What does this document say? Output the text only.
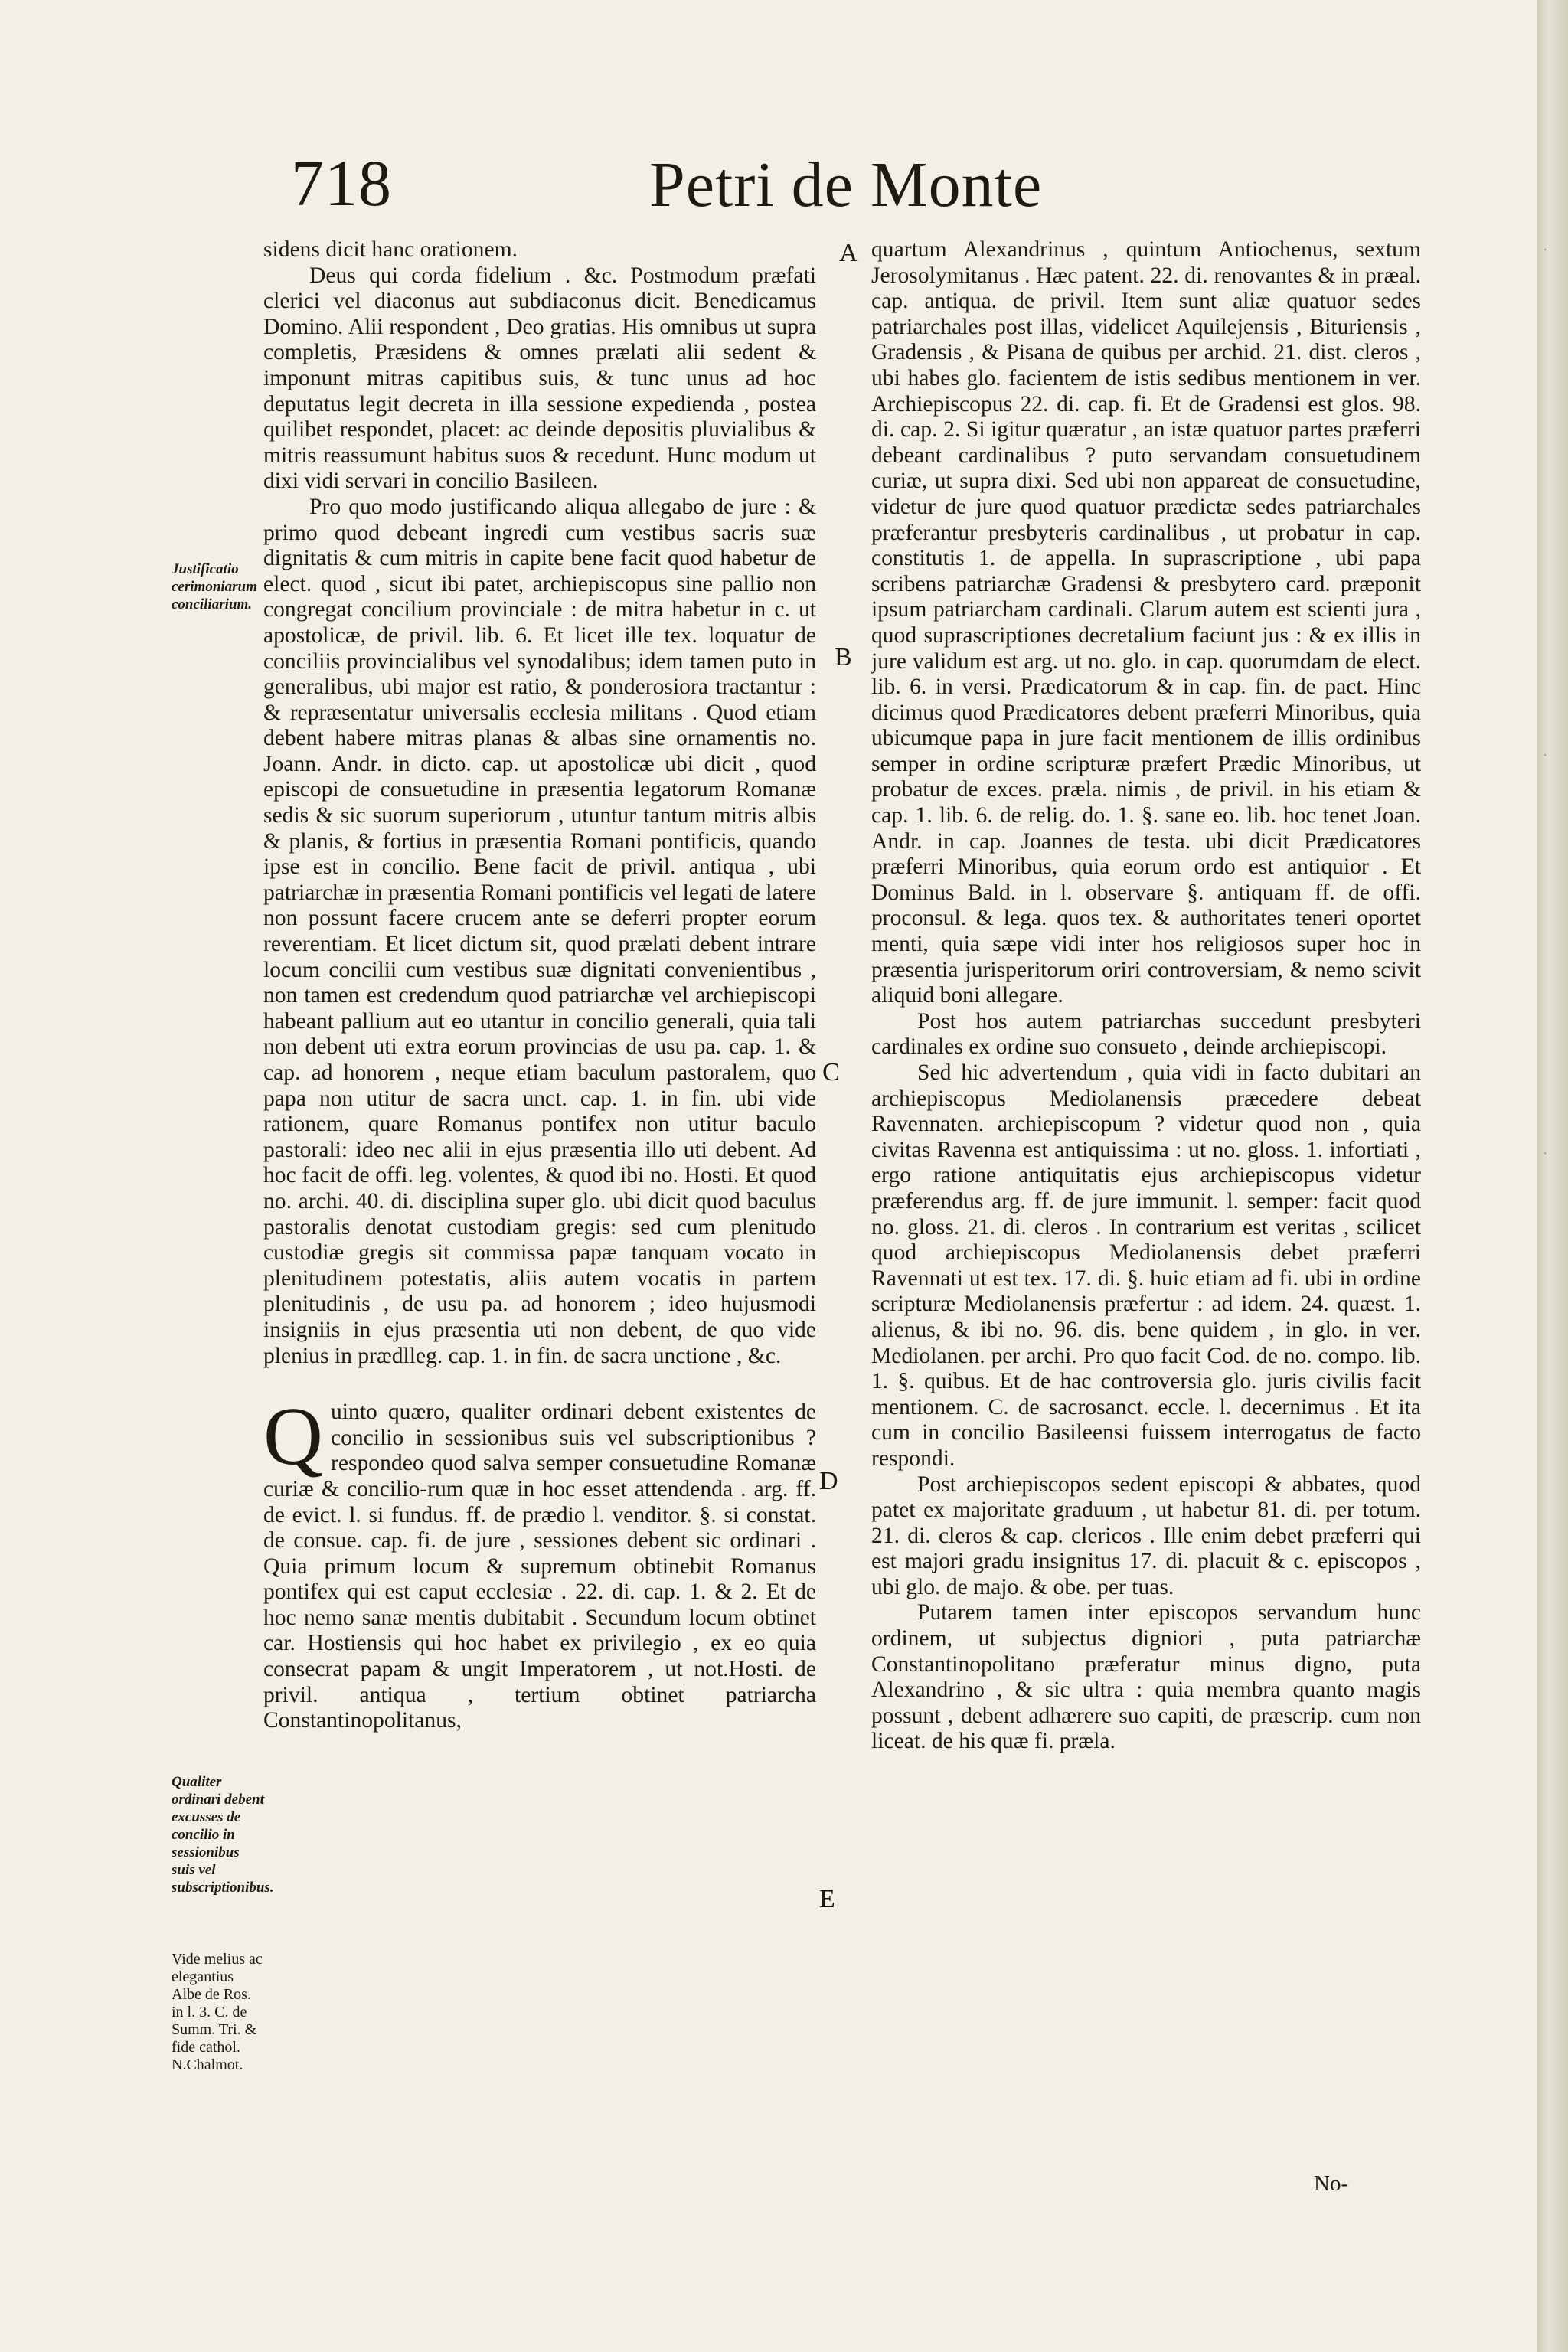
718	Petri de Monte
Justificatio cerimoniarum conciliarium.
Qualiter ordinari debent excusses de concilio in sessionibus suis vel subscriptionibus.
Vide melius ac elegantius Albe de Ros. in l. 3. C. de Summ. Tri. & fide cathol. N.Chalmot.
A
B
C
D
E

sidens dicit hanc orationem.

Deus qui corda fidelium . &c. Postmodum præfati clerici vel diaconus aut subdiaconus dicit. Benedicamus Domino. Alii respondent , Deo gratias. His omnibus ut supra completis, Præsidens & omnes prælati alii sedent & imponunt mitras capitibus suis, & tunc unus ad hoc deputatus legit decreta in illa sessione expedienda , postea quilibet respondet, placet: ac deinde depositis pluvialibus & mitris reassumunt habitus suos & recedunt. Hunc modum ut dixi vidi servari in concilio Basileen.

Pro quo modo justificando aliqua allegabo de jure : & primo quod debeant ingredi cum vestibus sacris suæ dignitatis & cum mitris in capite bene facit quod habetur de elect. quod , sicut ibi patet, archiepiscopus sine pallio non congregat concilium provinciale : de mitra habetur in c. ut apostolicæ, de privil. lib. 6. Et licet ille tex. loquatur de conciliis provincialibus vel synodalibus; idem tamen puto in generalibus, ubi major est ratio, & ponderosiora tractantur : & repræsentatur universalis ecclesia militans . Quod etiam debent habere mitras planas & albas sine ornamentis no. Joann. Andr. in dicto. cap. ut apostolicæ ubi dicit , quod episcopi de consuetudine in præsentia legatorum Romanæ sedis & sic suorum superiorum , utuntur tantum mitris albis & planis, & fortius in præsentia Romani pontificis, quando ipse est in concilio. Bene facit de privil. antiqua , ubi patriarchæ in præsentia Romani pontificis vel legati de latere non possunt facere crucem ante se deferri propter eorum reverentiam. Et licet dictum sit, quod prælati debent intrare locum concilii cum vestibus suæ dignitati convenientibus , non tamen est credendum quod patriarchæ vel archiepiscopi habeant pallium aut eo utantur in concilio generali, quia tali non debent uti extra eorum provincias de usu pa. cap. 1. & cap. ad honorem , neque etiam baculum pastoralem, quo papa non utitur de sacra unct. cap. 1. in fin. ubi vide rationem, quare Romanus pontifex non utitur baculo pastorali: ideo nec alii in ejus præsentia illo uti debent. Ad hoc facit de offi. leg. volentes, & quod ibi no. Hosti. Et quod no. archi. 40. di. disciplina super glo. ubi dicit quod baculus pastoralis denotat custodiam gregis: sed cum plenitudo custodiæ gregis sit commissa papæ tanquam vocato in plenitudinem potestatis, aliis autem vocatis in partem plenitudinis , de usu pa. ad honorem ; ideo hujusmodi insigniis in ejus præsentia uti non debent, de quo vide plenius in prædlleg. cap. 1. in fin. de sacra unctione , &c.

Quinto quæro, qualiter ordinari debent existentes de concilio in sessionibus suis vel subscriptionibus ? respondeo quod salva semper consuetudine Romanæ curiæ & concilio-rum quæ in hoc esset attendenda . arg. ff. de evict. l. si fundus. ff. de prædio l. venditor. §. si constat. de consue. cap. fi. de jure , sessiones debent sic ordinari . Quia primum locum & supremum obtinebit Romanus pontifex qui est caput ecclesiæ . 22. di. cap. 1. & 2. Et de hoc nemo sanæ mentis dubitabit . Secundum locum obtinet car. Hostiensis qui hoc habet ex privilegio , ex eo quia consecrat papam & ungit Imperatorem , ut not.Hosti. de privil. antiqua , tertium obtinet patriarcha Constantinopolitanus,

quartum Alexandrinus , quintum Antiochenus, sextum Jerosolymitanus . Hæc patent. 22. di. renovantes & in præal. cap. antiqua. de privil. Item sunt aliæ quatuor sedes patriarchales post illas, videlicet Aquilejensis , Bituriensis , Gradensis , & Pisana de quibus per archid. 21. dist. cleros , ubi habes glo. facientem de istis sedibus mentionem in ver. Archiepiscopus 22. di. cap. fi. Et de Gradensi est glos. 98. di. cap. 2. Si igitur quæratur , an istæ quatuor partes præferri debeant cardinalibus ? puto servandam consuetudinem curiæ, ut supra dixi. Sed ubi non appareat de consuetudine, videtur de jure quod quatuor prædictæ sedes patriarchales præferantur presbyteris cardinalibus , ut probatur in cap. constitutis 1. de appella. In suprascriptione , ubi papa scribens patriarchæ Gradensi & presbytero card. præponit ipsum patriarcham cardinali. Clarum autem est scienti jura , quod suprascriptiones decretalium faciunt jus : & ex illis in jure validum est arg. ut no. glo. in cap. quorumdam de elect. lib. 6. in versi. Prædicatorum & in cap. fin. de pact. Hinc dicimus quod Prædicatores debent præferri Minoribus, quia ubicumque papa in jure facit mentionem de illis ordinibus semper in ordine scripturæ præfert Prædic Minoribus, ut probatur de exces. præla. nimis , de privil. in his etiam & cap. 1. lib. 6. de relig. do. 1. §. sane eo. lib. hoc tenet Joan. Andr. in cap. Joannes de testa. ubi dicit Prædicatores præferri Minoribus, quia eorum ordo est antiquior . Et Dominus Bald. in l. observare §. antiquam ff. de offi. proconsul. & lega. quos tex. & authoritates teneri oportet menti, quia sæpe vidi inter hos religiosos super hoc in præsentia jurisperitorum oriri controversiam, & nemo scivit aliquid boni allegare.

Post hos autem patriarchas succedunt presbyteri cardinales ex ordine suo consueto , deinde archiepiscopi.

Sed hic advertendum , quia vidi in facto dubitari an archiepiscopus Mediolanensis præcedere debeat Ravennaten. archiepiscopum ? videtur quod non , quia civitas Ravenna est antiquissima : ut no. gloss. 1. infortiati , ergo ratione antiquitatis ejus archiepiscopus videtur præferendus arg. ff. de jure immunit. l. semper: facit quod no. gloss. 21. di. cleros . In contrarium est veritas , scilicet quod archiepiscopus Mediolanensis debet præferri Ravennati ut est tex. 17. di. §. huic etiam ad fi. ubi in ordine scripturæ Mediolanensis præfertur : ad idem. 24. quæst. 1. alienus, & ibi no. 96. dis. bene quidem , in glo. in ver. Mediolanen. per archi. Pro quo facit Cod. de no. compo. lib. 1. §. quibus. Et de hac controversia glo. juris civilis facit mentionem. C. de sacrosanct. eccle. l. decernimus . Et ita cum in concilio Basileensi fuissem interrogatus de facto respondi.

Post archiepiscopos sedent episcopi & abbates, quod patet ex majoritate graduum , ut habetur 81. di. per totum. 21. di. cleros & cap. clericos . Ille enim debet præferri qui est majori gradu insignitus 17. di. placuit & c. episcopos , ubi glo. de majo. & obe. per tuas.

Putarem tamen inter episcopos servandum hunc ordinem, ut subjectus digniori , puta patriarchæ Constantinopolitano præferatur minus digno, puta Alexandrino , & sic ultra : quia membra quanto magis possunt , debent adhærere suo capiti, de præscrip. cum non liceat. de his quæ fi. præla.

No-
·
·
·
